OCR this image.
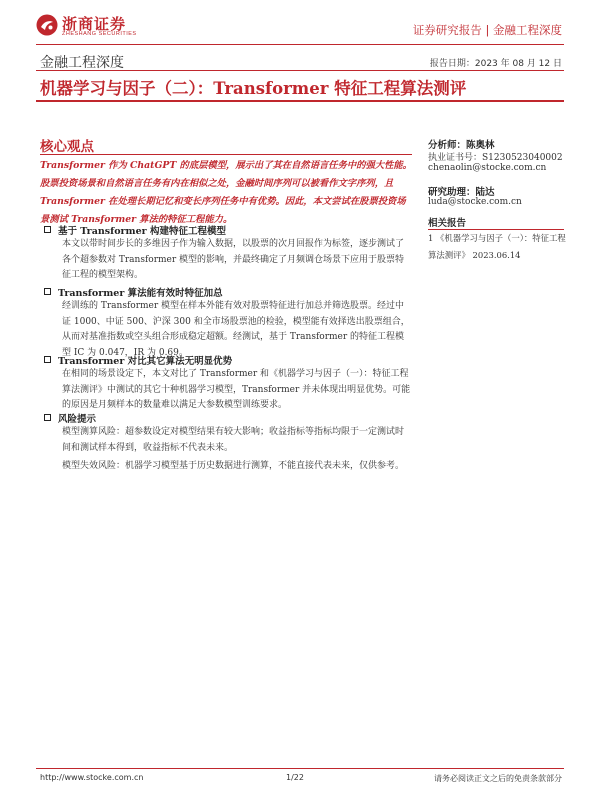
浙商证券
ZHESHANG SECURITIES	证券研究报告 | 金融工程深度
金融工程深度	报告日期：2023 年 08 月 12 日
机器学习与因子（二）：Transformer 特征工程算法测评
核心观点
Transformer 作为 ChatGPT 的底层模型，展示出了其在自然语言任务中的强大性能。股票投资场景和自然语言任务有内在相似之处，金融时间序列可以被看作文字序列，且 Transformer 在处理长期记忆和变长序列任务中有优势。因此，本文尝试在股票投资场景测试 Transformer 算法的特征工程能力。
基于 Transformer 构建特征工程模型
本文以带时间步长的多维因子作为输入数据，以股票的次月回报作为标签，逐步测试了各个超参数对 Transformer 模型的影响，并最终确定了月频调仓场景下应用于股票特征工程的模型架构。
Transformer 算法能有效时特征加总
经训练的 Transformer 模型在样本外能有效对股票特征进行加总并筛选股票。经过中证 1000、中证 500、沪深 300 和全市场股票池的检验，模型能有效择选出股票组合，从而对基准指数或空头组合形成稳定超额。经测试，基于 Transformer 的特征工程模型 IC 为 0.047，IR 为 0.69。
Transformer 对比其它算法无明显优势
在相同的场景设定下，本文对比了 Transformer 和《机器学习与因子（一）：特征工程算法测评》中测试的其它十种机器学习模型，Transformer 并未体现出明显优势。可能的原因是月频样本的数量难以满足大参数模型训练要求。
风险提示
模型测算风险：超参数设定对模型结果有较大影响；收益指标等指标均限于一定测试时间和测试样本得到，收益指标不代表未来。
模型失效风险：机器学习模型基于历史数据进行测算，不能直接代表未来，仅供参考。
分析师：陈奥林
执业证书号：S1230523040002
chenaolin@stocke.com.cn
研究助理：陆达
luda@stocke.com.cn
相关报告
1 《机器学习与因子（一）：特征工程算法测评》 2023.06.14
http://www.stocke.com.cn	1/22	请务必阅读正文之后的免责条款部分
